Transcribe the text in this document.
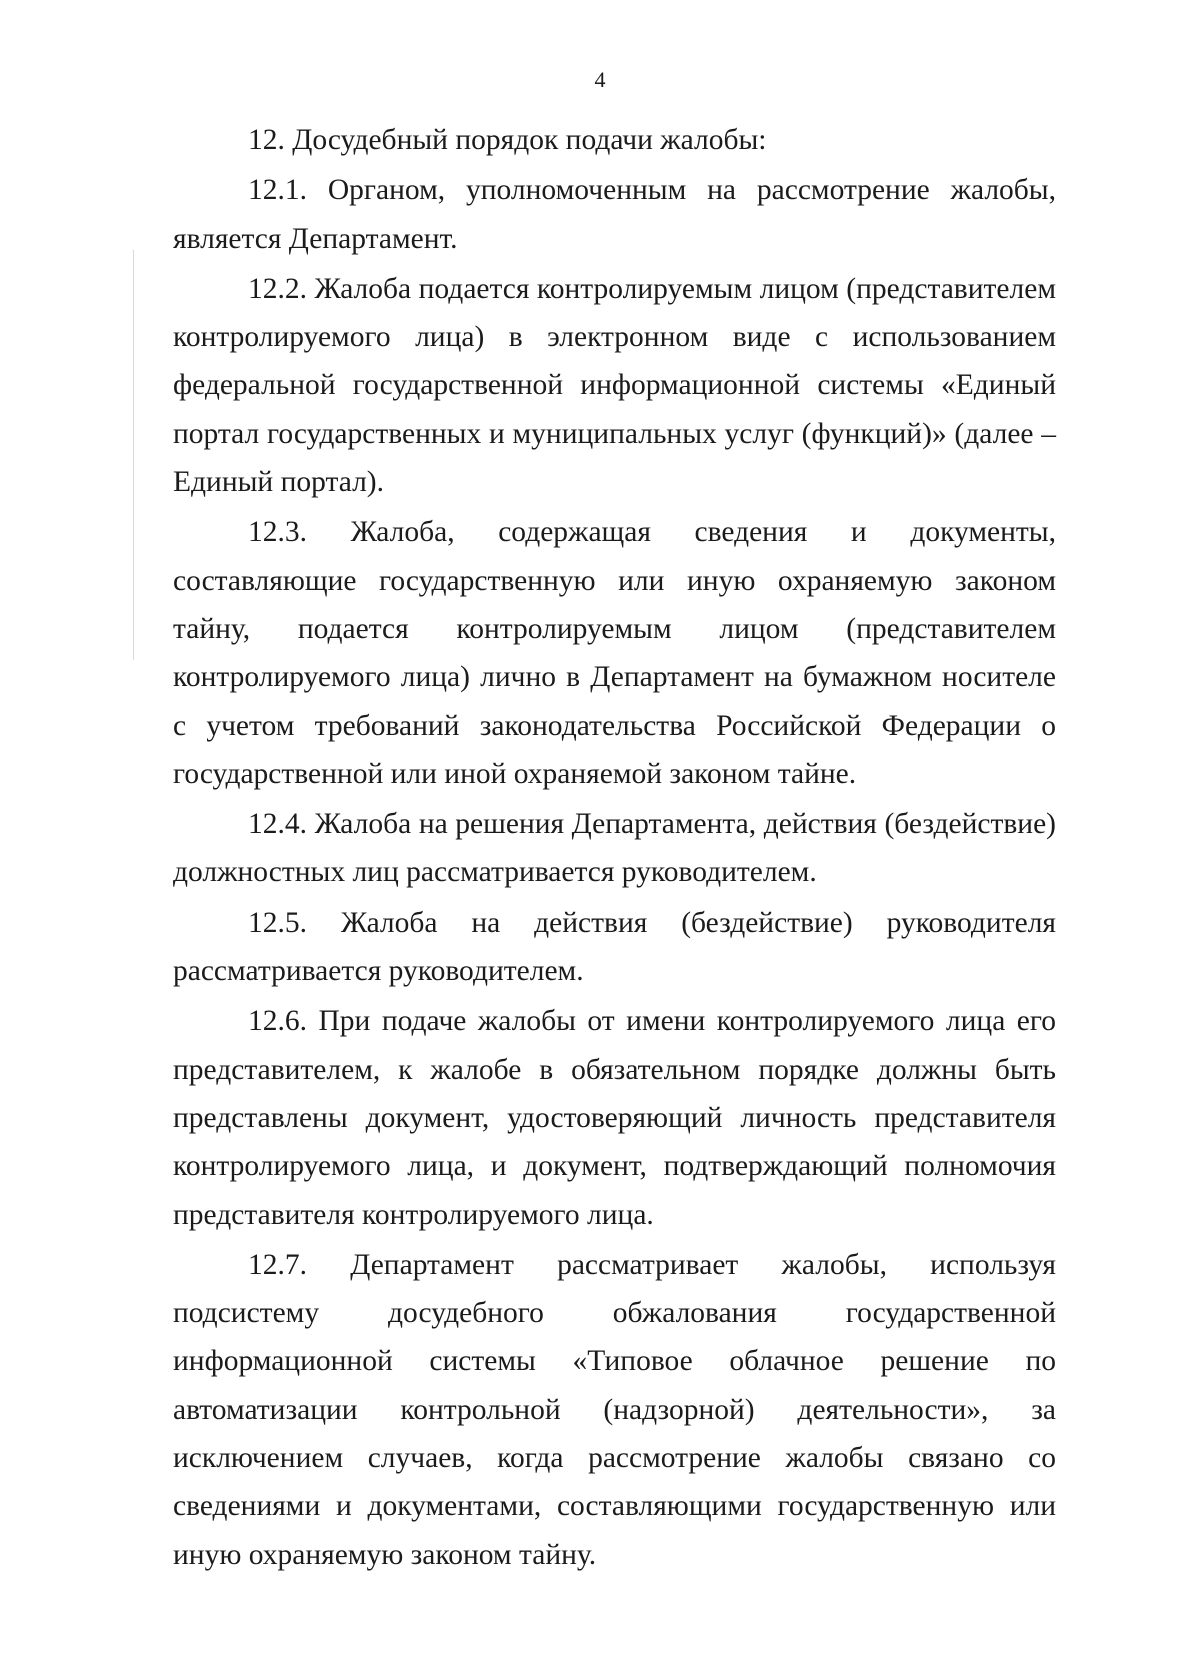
4

12. Досудебный порядок подачи жалобы:

12.1. Органом, уполномоченным на рассмотрение жалобы, является Департамент.

12.2. Жалоба подается контролируемым лицом (представителем контролируемого лица) в электронном виде с использованием федеральной государственной информационной системы «Единый портал государственных и муниципальных услуг (функций)» (далее – Единый портал).

12.3. Жалоба, содержащая сведения и документы, составляющие государственную или иную охраняемую законом тайну, подается контролируемым лицом (представителем контролируемого лица) лично в Департамент на бумажном носителе с учетом требований законодательства Российской Федерации о государственной или иной охраняемой законом тайне.

12.4. Жалоба на решения Департамента, действия (бездействие) должностных лиц рассматривается руководителем.

12.5. Жалоба на действия (бездействие) руководителя рассматривается руководителем.

12.6. При подаче жалобы от имени контролируемого лица его представителем, к жалобе в обязательном порядке должны быть представлены документ, удостоверяющий личность представителя контролируемого лица, и документ, подтверждающий полномочия представителя контролируемого лица.

12.7. Департамент рассматривает жалобы, используя подсистему досудебного обжалования государственной информационной системы «Типовое облачное решение по автоматизации контрольной (надзорной) деятельности», за исключением случаев, когда рассмотрение жалобы связано со сведениями и документами, составляющими государственную или иную охраняемую законом тайну.
